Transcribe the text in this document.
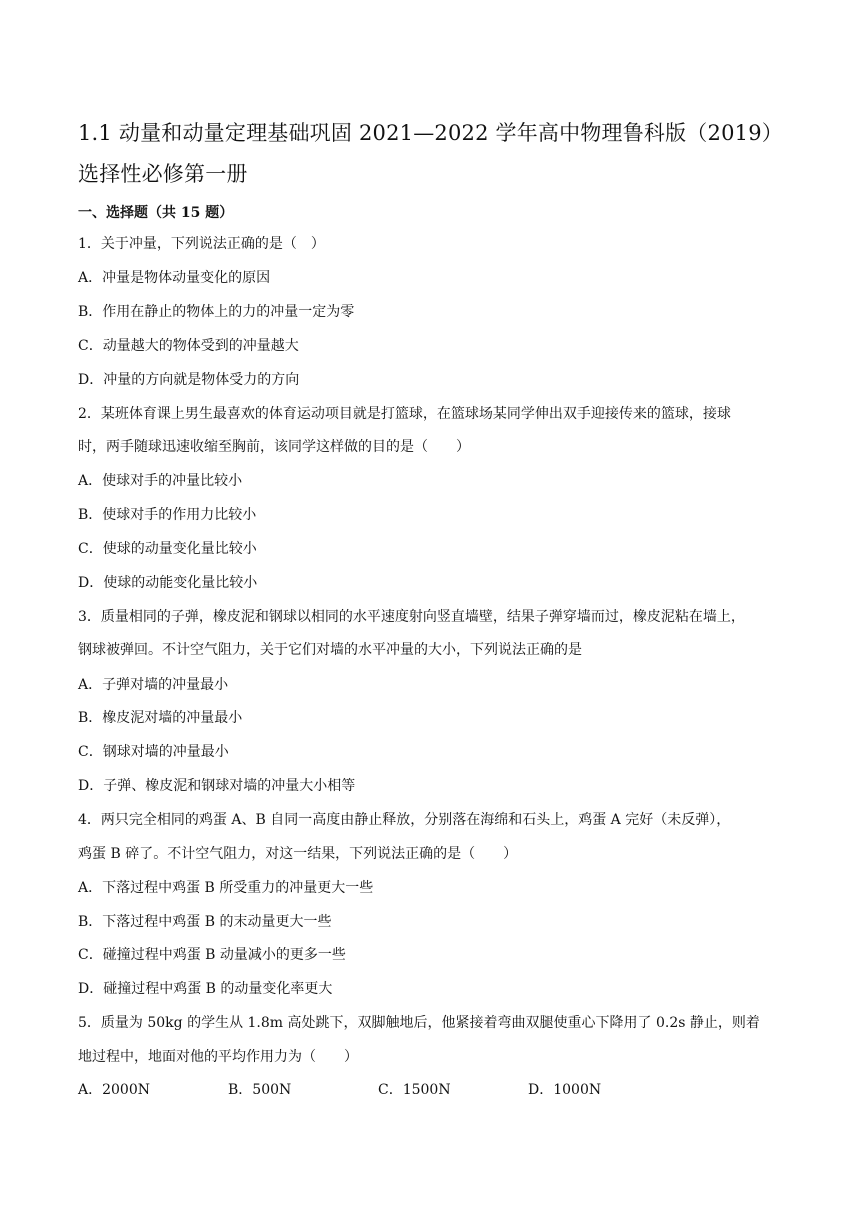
1.1 动量和动量定理基础巩固 2021—2022 学年高中物理鲁科版（2019）选择性必修第一册
一、选择题（共 15 题）
1．关于冲量，下列说法正确的是（　）
A．冲量是物体动量变化的原因
B．作用在静止的物体上的力的冲量一定为零
C．动量越大的物体受到的冲量越大
D．冲量的方向就是物体受力的方向
2．某班体育课上男生最喜欢的体育运动项目就是打篮球，在篮球场某同学伸出双手迎接传来的篮球，接球
时，两手随球迅速收缩至胸前，该同学这样做的目的是（　　）
A．使球对手的冲量比较小
B．使球对手的作用力比较小
C．使球的动量变化量比较小
D．使球的动能变化量比较小
3．质量相同的子弹，橡皮泥和钢球以相同的水平速度射向竖直墙壁，结果子弹穿墙而过，橡皮泥粘在墙上，
钢球被弹回。不计空气阻力，关于它们对墙的水平冲量的大小，下列说法正确的是
A．子弹对墙的冲量最小
B．橡皮泥对墙的冲量最小
C．钢球对墙的冲量最小
D．子弹、橡皮泥和钢球对墙的冲量大小相等
4．两只完全相同的鸡蛋 A、B 自同一高度由静止释放，分别落在海绵和石头上，鸡蛋 A 完好（未反弹），
鸡蛋 B 碎了。不计空气阻力，对这一结果，下列说法正确的是（　　）
A．下落过程中鸡蛋 B 所受重力的冲量更大一些
B．下落过程中鸡蛋 B 的末动量更大一些
C．碰撞过程中鸡蛋 B 动量减小的更多一些
D．碰撞过程中鸡蛋 B 的动量变化率更大
5．质量为 50kg 的学生从 1.8m 高处跳下，双脚触地后，他紧接着弯曲双腿使重心下降用了 0.2s 静止，则着
地过程中，地面对他的平均作用力为（　　）
A．2000N	B．500N	C．1500N	D．1000N
